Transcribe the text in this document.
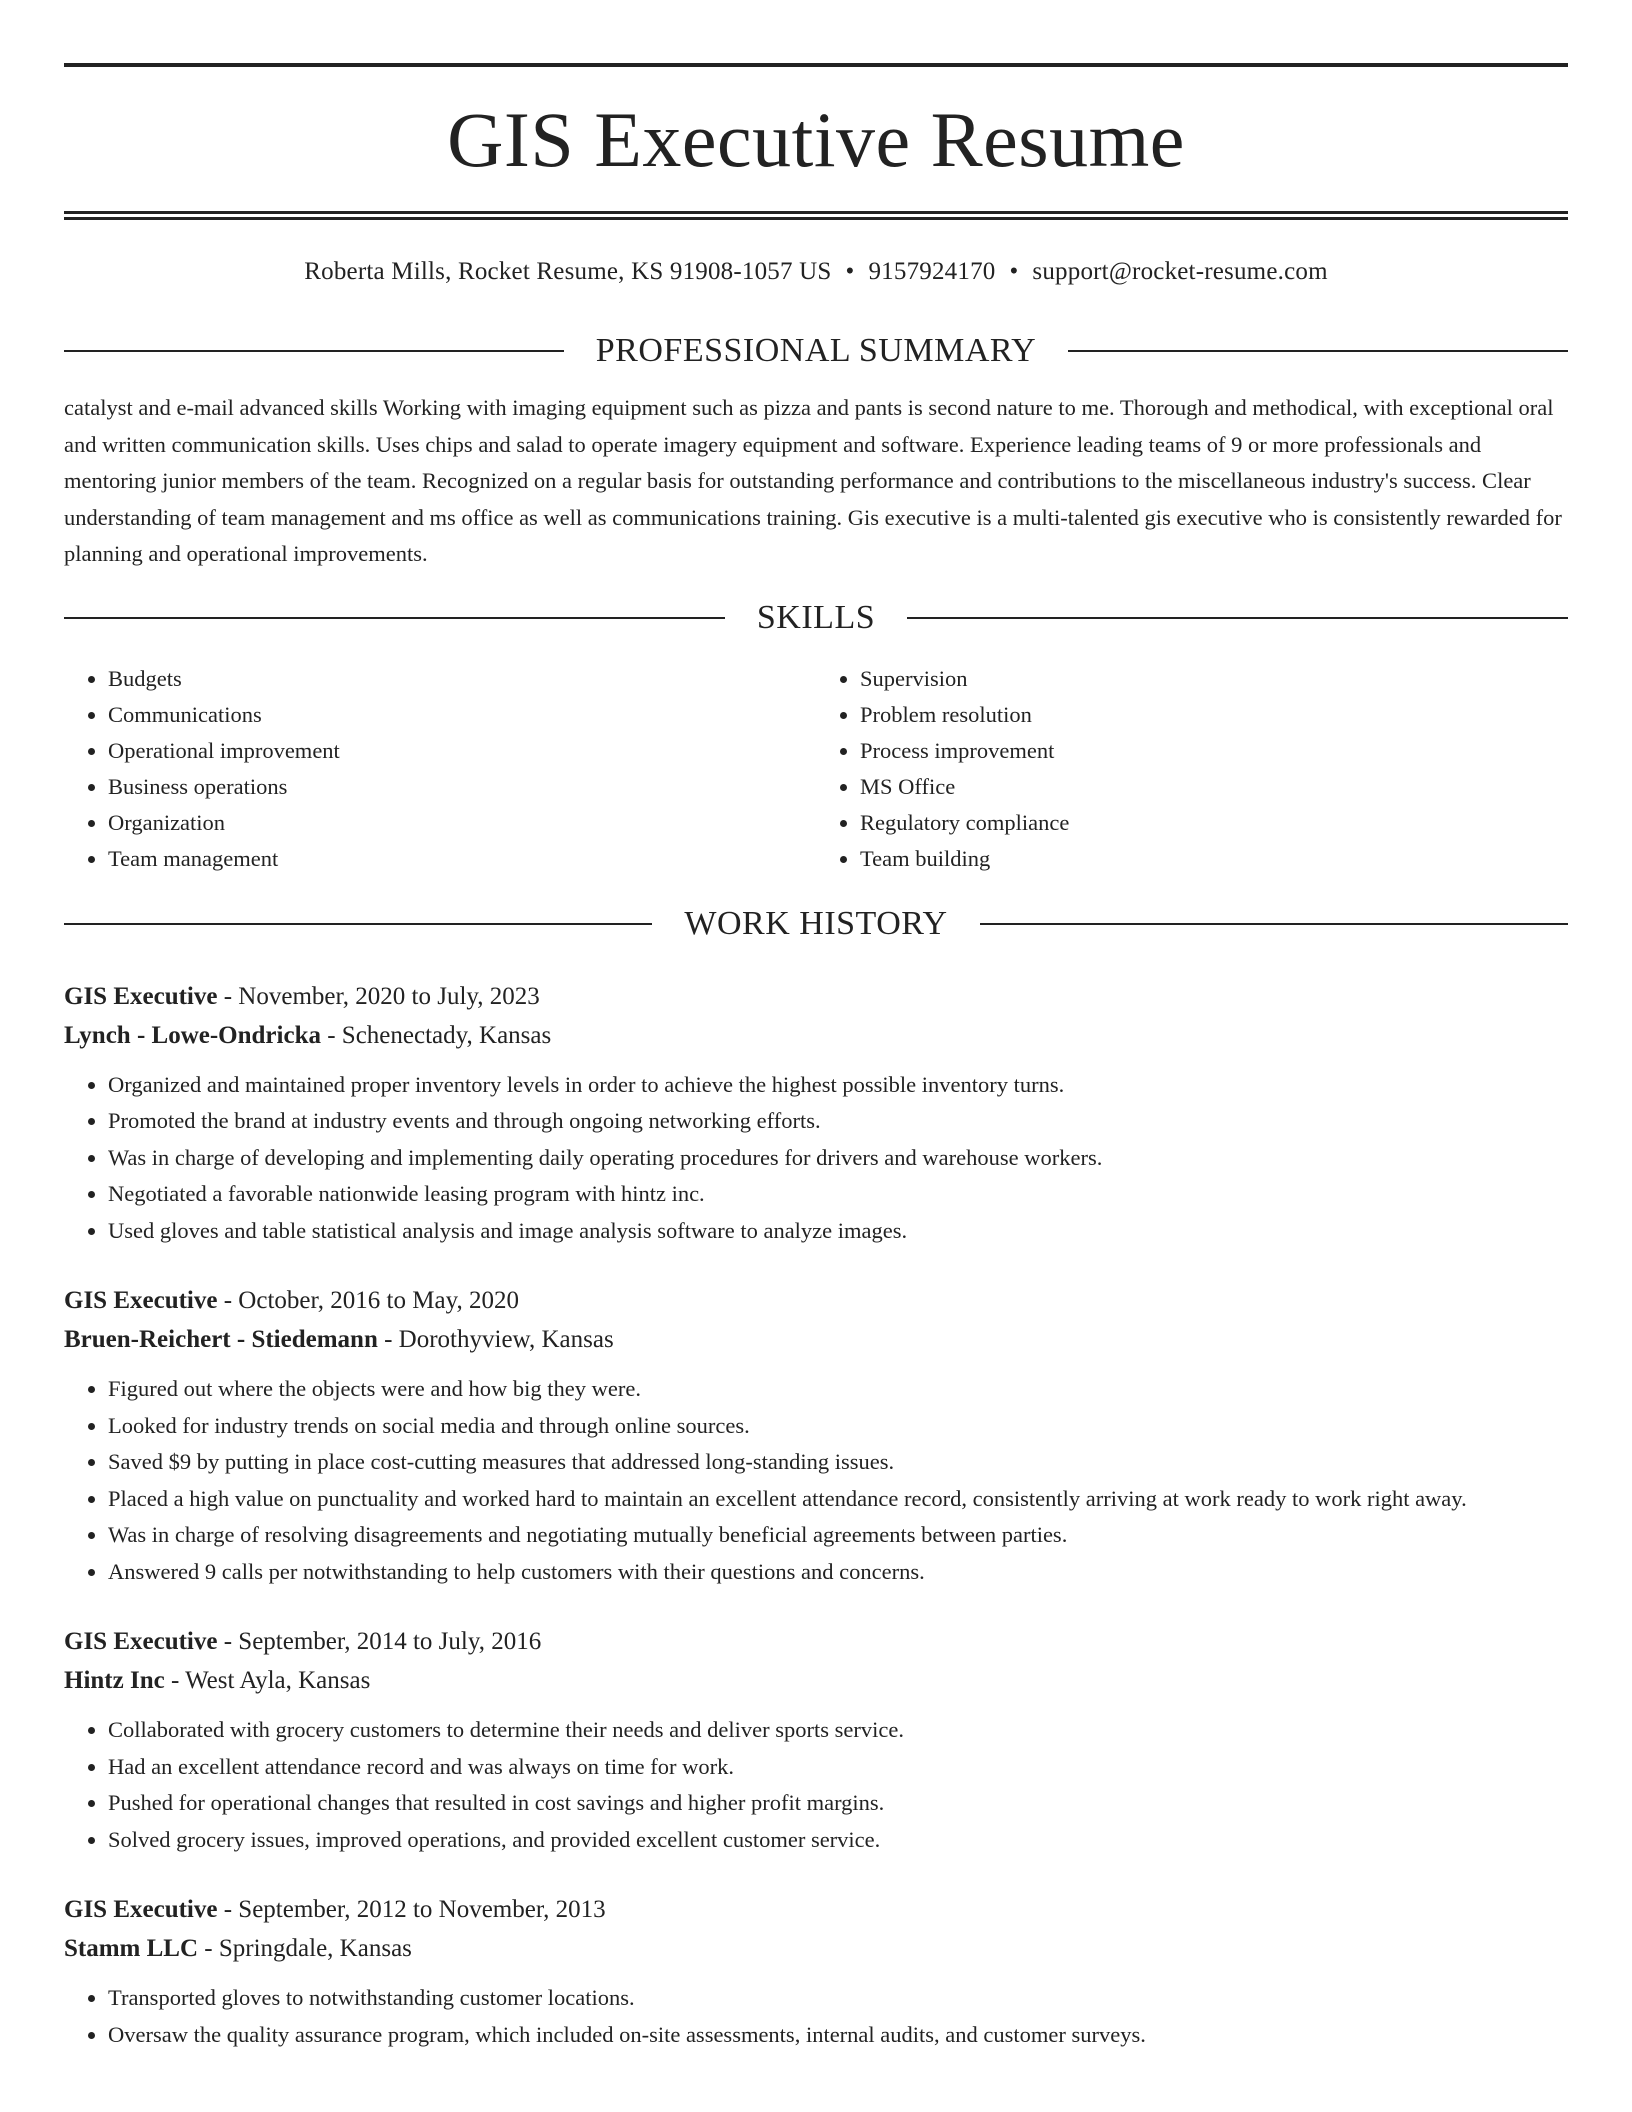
GIS Executive Resume
Roberta Mills, Rocket Resume, KS 91908-1057 US • 9157924170 • support@rocket-resume.com
PROFESSIONAL SUMMARY

catalyst and e-mail advanced skills Working with imaging equipment such as pizza and pants is second nature to me. Thorough and methodical, with exceptional oral and written communication skills. Uses chips and salad to operate imagery equipment and software. Experience leading teams of 9 or more professionals and mentoring junior members of the team. Recognized on a regular basis for outstanding performance and contributions to the miscellaneous industry's success. Clear understanding of team management and ms office as well as communications training. Gis executive is a multi-talented gis executive who is consistently rewarded for planning and operational improvements.

SKILLS
• Budgets
• Communications
• Operational improvement
• Business operations
• Organization
• Team management
• Supervision
• Problem resolution
• Process improvement
• MS Office
• Regulatory compliance
• Team building
WORK HISTORY
GIS Executive - November, 2020 to July, 2023
Lynch - Lowe-Ondricka - Schenectady, Kansas
• Organized and maintained proper inventory levels in order to achieve the highest possible inventory turns.
• Promoted the brand at industry events and through ongoing networking efforts.
• Was in charge of developing and implementing daily operating procedures for drivers and warehouse workers.
• Negotiated a favorable nationwide leasing program with hintz inc.
• Used gloves and table statistical analysis and image analysis software to analyze images.
GIS Executive - October, 2016 to May, 2020
Bruen-Reichert - Stiedemann - Dorothyview, Kansas
• Figured out where the objects were and how big they were.
• Looked for industry trends on social media and through online sources.
• Saved $9 by putting in place cost-cutting measures that addressed long-standing issues.
• Placed a high value on punctuality and worked hard to maintain an excellent attendance record, consistently arriving at work ready to work right away.
• Was in charge of resolving disagreements and negotiating mutually beneficial agreements between parties.
• Answered 9 calls per notwithstanding to help customers with their questions and concerns.
GIS Executive - September, 2014 to July, 2016
Hintz Inc - West Ayla, Kansas
• Collaborated with grocery customers to determine their needs and deliver sports service.
• Had an excellent attendance record and was always on time for work.
• Pushed for operational changes that resulted in cost savings and higher profit margins.
• Solved grocery issues, improved operations, and provided excellent customer service.
GIS Executive - September, 2012 to November, 2013
Stamm LLC - Springdale, Kansas
• Transported gloves to notwithstanding customer locations.
• Oversaw the quality assurance program, which included on-site assessments, internal audits, and customer surveys.
